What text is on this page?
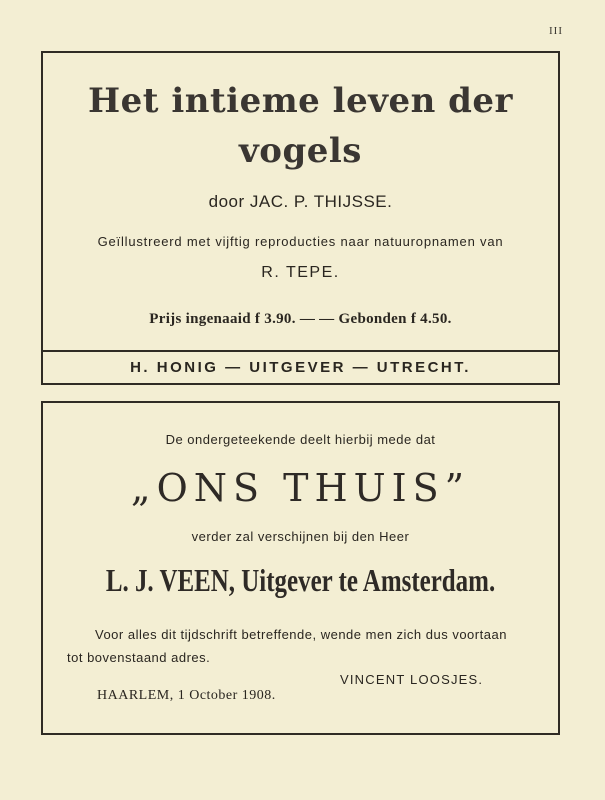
III
Het intieme leven der
vogels
door JAC. P. THIJSSE.
Geïllustreerd met vijftig reproducties naar natuuropnamen van
R. TEPE.
Prijs ingenaaid f 3.90. — — Gebonden f 4.50.
H. HONIG — UITGEVER — UTRECHT.
De ondergeteekende deelt hierbij mede dat
„ONS THUIS”
verder zal verschijnen bij den Heer
L. J. VEEN, Uitgever te Amsterdam.
Voor alles dit tijdschrift betreffende, wende men zich dus voortaan
tot bovenstaand adres.
VINCENT LOOSJES.
HAARLEM, 1 October 1908.
